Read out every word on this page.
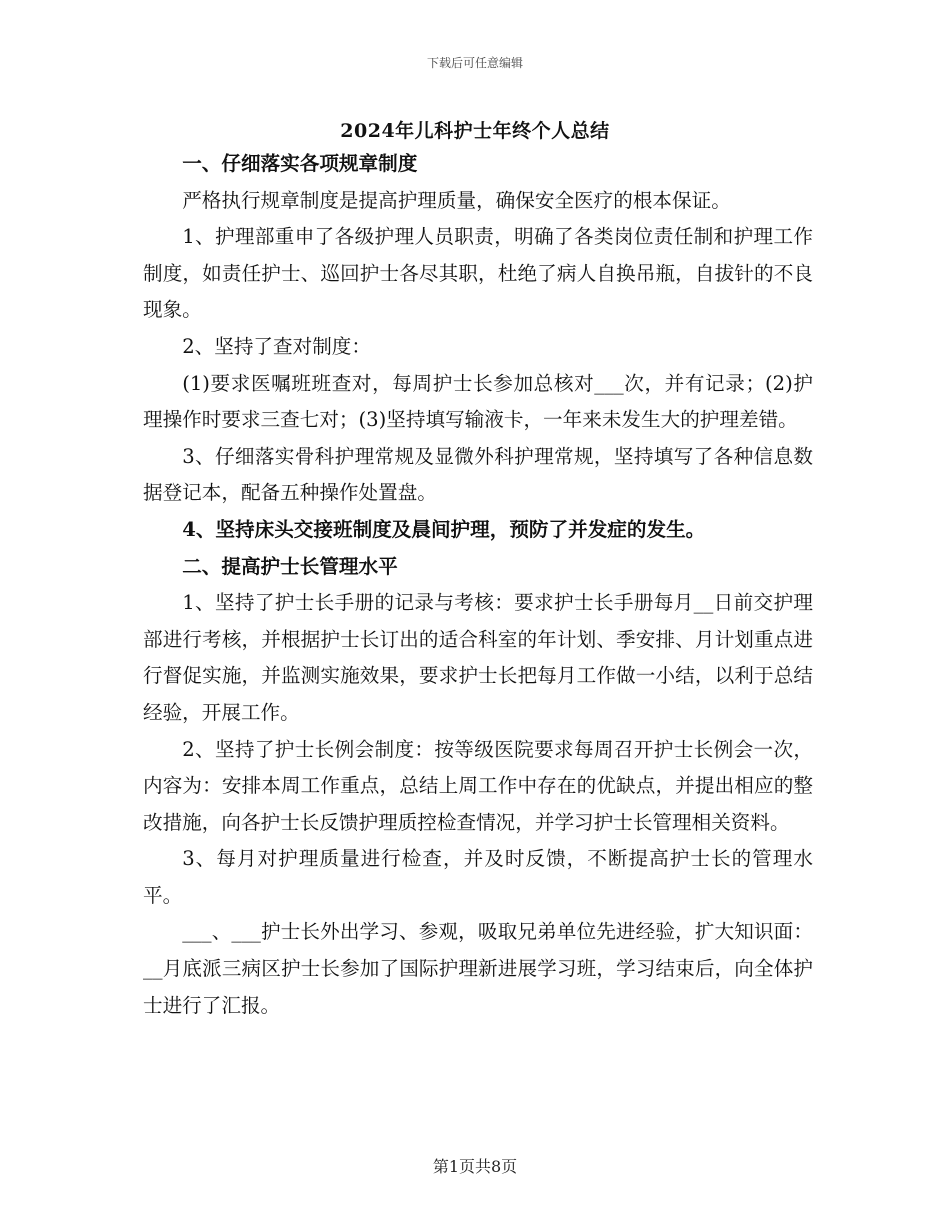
下载后可任意编辑
2024年儿科护士年终个人总结

一、仔细落实各项规章制度

严格执行规章制度是提高护理质量，确保安全医疗的根本保证。

1、护理部重申了各级护理人员职责，明确了各类岗位责任制和护理工作制度，如责任护士、巡回护士各尽其职，杜绝了病人自换吊瓶，自拔针的不良现象。

2、坚持了查对制度：

(1)要求医嘱班班查对，每周护士长参加总核对___次，并有记录；(2)护理操作时要求三查七对；(3)坚持填写输液卡，一年来未发生大的护理差错。

3、仔细落实骨科护理常规及显微外科护理常规，坚持填写了各种信息数据登记本，配备五种操作处置盘。

4、坚持床头交接班制度及晨间护理，预防了并发症的发生。

二、提高护士长管理水平

1、坚持了护士长手册的记录与考核：要求护士长手册每月__日前交护理部进行考核，并根据护士长订出的适合科室的年计划、季安排、月计划重点进行督促实施，并监测实施效果，要求护士长把每月工作做一小结，以利于总结经验，开展工作。

2、坚持了护士长例会制度：按等级医院要求每周召开护士长例会一次，内容为：安排本周工作重点，总结上周工作中存在的优缺点，并提出相应的整改措施，向各护士长反馈护理质控检查情况，并学习护士长管理相关资料。

3、每月对护理质量进行检查，并及时反馈，不断提高护士长的管理水平。

___、___护士长外出学习、参观，吸取兄弟单位先进经验，扩大知识面：__月底派三病区护士长参加了国际护理新进展学习班，学习结束后，向全体护士进行了汇报。

第1页共8页
